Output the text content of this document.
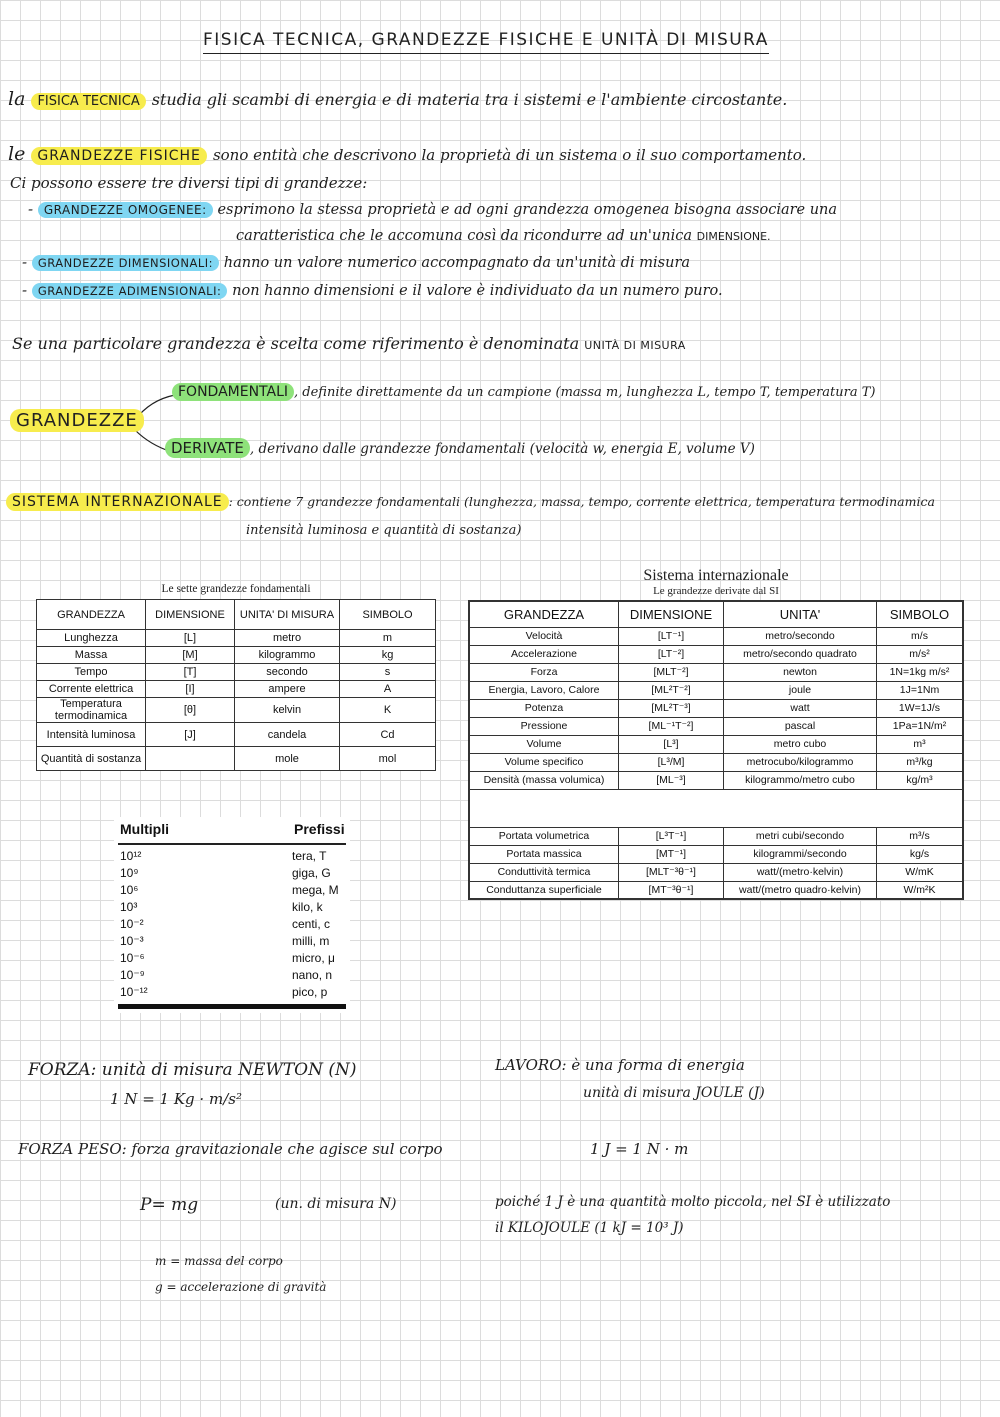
FISICA TECNICA, GRANDEZZE FISICHE E UNITÀ DI MISURA
la FISICA TECNICA studia gli scambi di energia e di materia tra i sistemi e l'ambiente circostante.
le GRANDEZZE FISICHE sono entità che descrivono la proprietà di un sistema o il suo comportamento.
Ci possono essere tre diversi tipi di grandezze:
- GRANDEZZE OMOGENEE: esprimono la stessa proprietà e ad ogni grandezza omogenea bisogna associare una
caratteristica che le accomuna così da ricondurre ad un'unica DIMENSIONE.
- GRANDEZZE DIMENSIONALI: hanno un valore numerico accompagnato da un'unità di misura
- GRANDEZZE ADIMENSIONALI: non hanno dimensioni e il valore è individuato da un numero puro.
Se una particolare grandezza è scelta come riferimento è denominata UNITÀ DI MISURA
GRANDEZZE
FONDAMENTALI , definite direttamente da un campione (massa m, lunghezza L, tempo T, temperatura T)
DERIVATE , derivano dalle grandezze fondamentali (velocità w, energia E, volume V)
SISTEMA INTERNAZIONALE : contiene 7 grandezze fondamentali (lunghezza, massa, tempo, corrente elettrica, temperatura termodinamica
intensità luminosa e quantità di sostanza)
Le sette grandezze fondamentali
GRANDEZZA	DIMENSIONE	UNITA' DI MISURA	SIMBOLO
Lunghezza	[L]	metro	m
Massa	[M]	kilogrammo	kg
Tempo	[T]	secondo	s
Corrente elettrica	[I]	ampere	A
Temperatura termodinamica	[θ]	kelvin	K
Intensità luminosa	[J]	candela	Cd
Quantità di sostanza		mole	mol
Sistema internazionale
Le grandezze derivate dal SI
GRANDEZZA	DIMENSIONE	UNITA'	SIMBOLO
Velocità	[LT⁻¹]	metro/secondo	m/s
Accelerazione	[LT⁻²]	metro/secondo quadrato	m/s²
Forza	[MLT⁻²]	newton	1N=1kg m/s²
Energia, Lavoro, Calore	[ML²T⁻²]	joule	1J=1Nm
Potenza	[ML²T⁻³]	watt	1W=1J/s
Pressione	[ML⁻¹T⁻²]	pascal	1Pa=1N/m²
Volume	[L³]	metro cubo	m³
Volume specifico	[L³/M]	metrocubo/kilogrammo	m³/kg
Densità (massa volumica)	[ML⁻³]	kilogrammo/metro cubo	kg/m³

Portata volumetrica	[L³T⁻¹]	metri cubi/secondo	m³/s
Portata massica	[MT⁻¹]	kilogrammi/secondo	kg/s
Conduttività termica	[MLT⁻³θ⁻¹]	watt/(metro·kelvin)	W/mK
Conduttanza superficiale	[MT⁻³θ⁻¹]	watt/(metro quadro·kelvin)	W/m²K
Multipli	Prefissi
10¹²	tera, T
10⁹	giga, G
10⁶	mega, M
10³	kilo, k
10⁻²	centi, c
10⁻³	milli, m
10⁻⁶	micro, μ
10⁻⁹	nano, n
10⁻¹²	pico, p
FORZA: unità di misura NEWTON (N)
1 N = 1 Kg · m/s²
FORZA PESO: forza gravitazionale che agisce sul corpo
P= mg	(un. di misura N)
m = massa del corpo
g = accelerazione di gravità
LAVORO: è una forma di energia
unità di misura JOULE (J)
1 J = 1 N · m
poiché 1 J è una quantità molto piccola, nel SI è utilizzato
il KILOJOULE (1 kJ = 10³ J)
